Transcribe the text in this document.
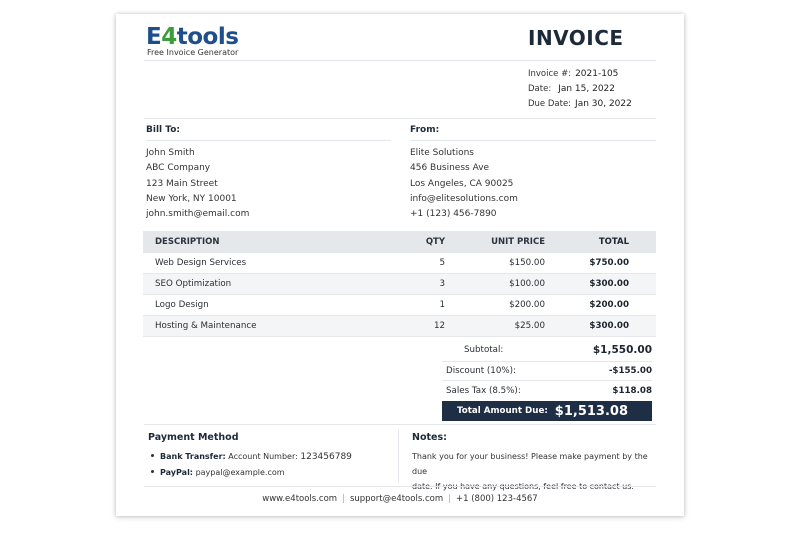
E4tools
Free Invoice Generator
INVOICE
Invoice #: 2021-105
Date: Jan 15, 2022
Due Date: Jan 30, 2022
Bill To:
John Smith
ABC Company
123 Main Street
New York, NY 10001
john.smith@email.com
From:
Elite Solutions
456 Business Ave
Los Angeles, CA 90025
info@elitesolutions.com
+1 (123) 456-7890
DESCRIPTION	QTY	UNIT PRICE	TOTAL
Web Design Services	5	$150.00	$750.00
SEO Optimization	3	$100.00	$300.00
Logo Design	1	$200.00	$200.00
Hosting & Maintenance	12	$25.00	$300.00
Subtotal:	$1,550.00
Discount (10%):	-$155.00
Sales Tax (8.5%):	$118.08
Total Amount Due: $1,513.08
Payment Method
Bank Transfer: Account Number: 123456789
PayPal: paypal@example.com
Notes:
Thank you for your business! Please make payment by the due
www.e4tools.com | support@e4tools.com | +1 (800) 123-4567
